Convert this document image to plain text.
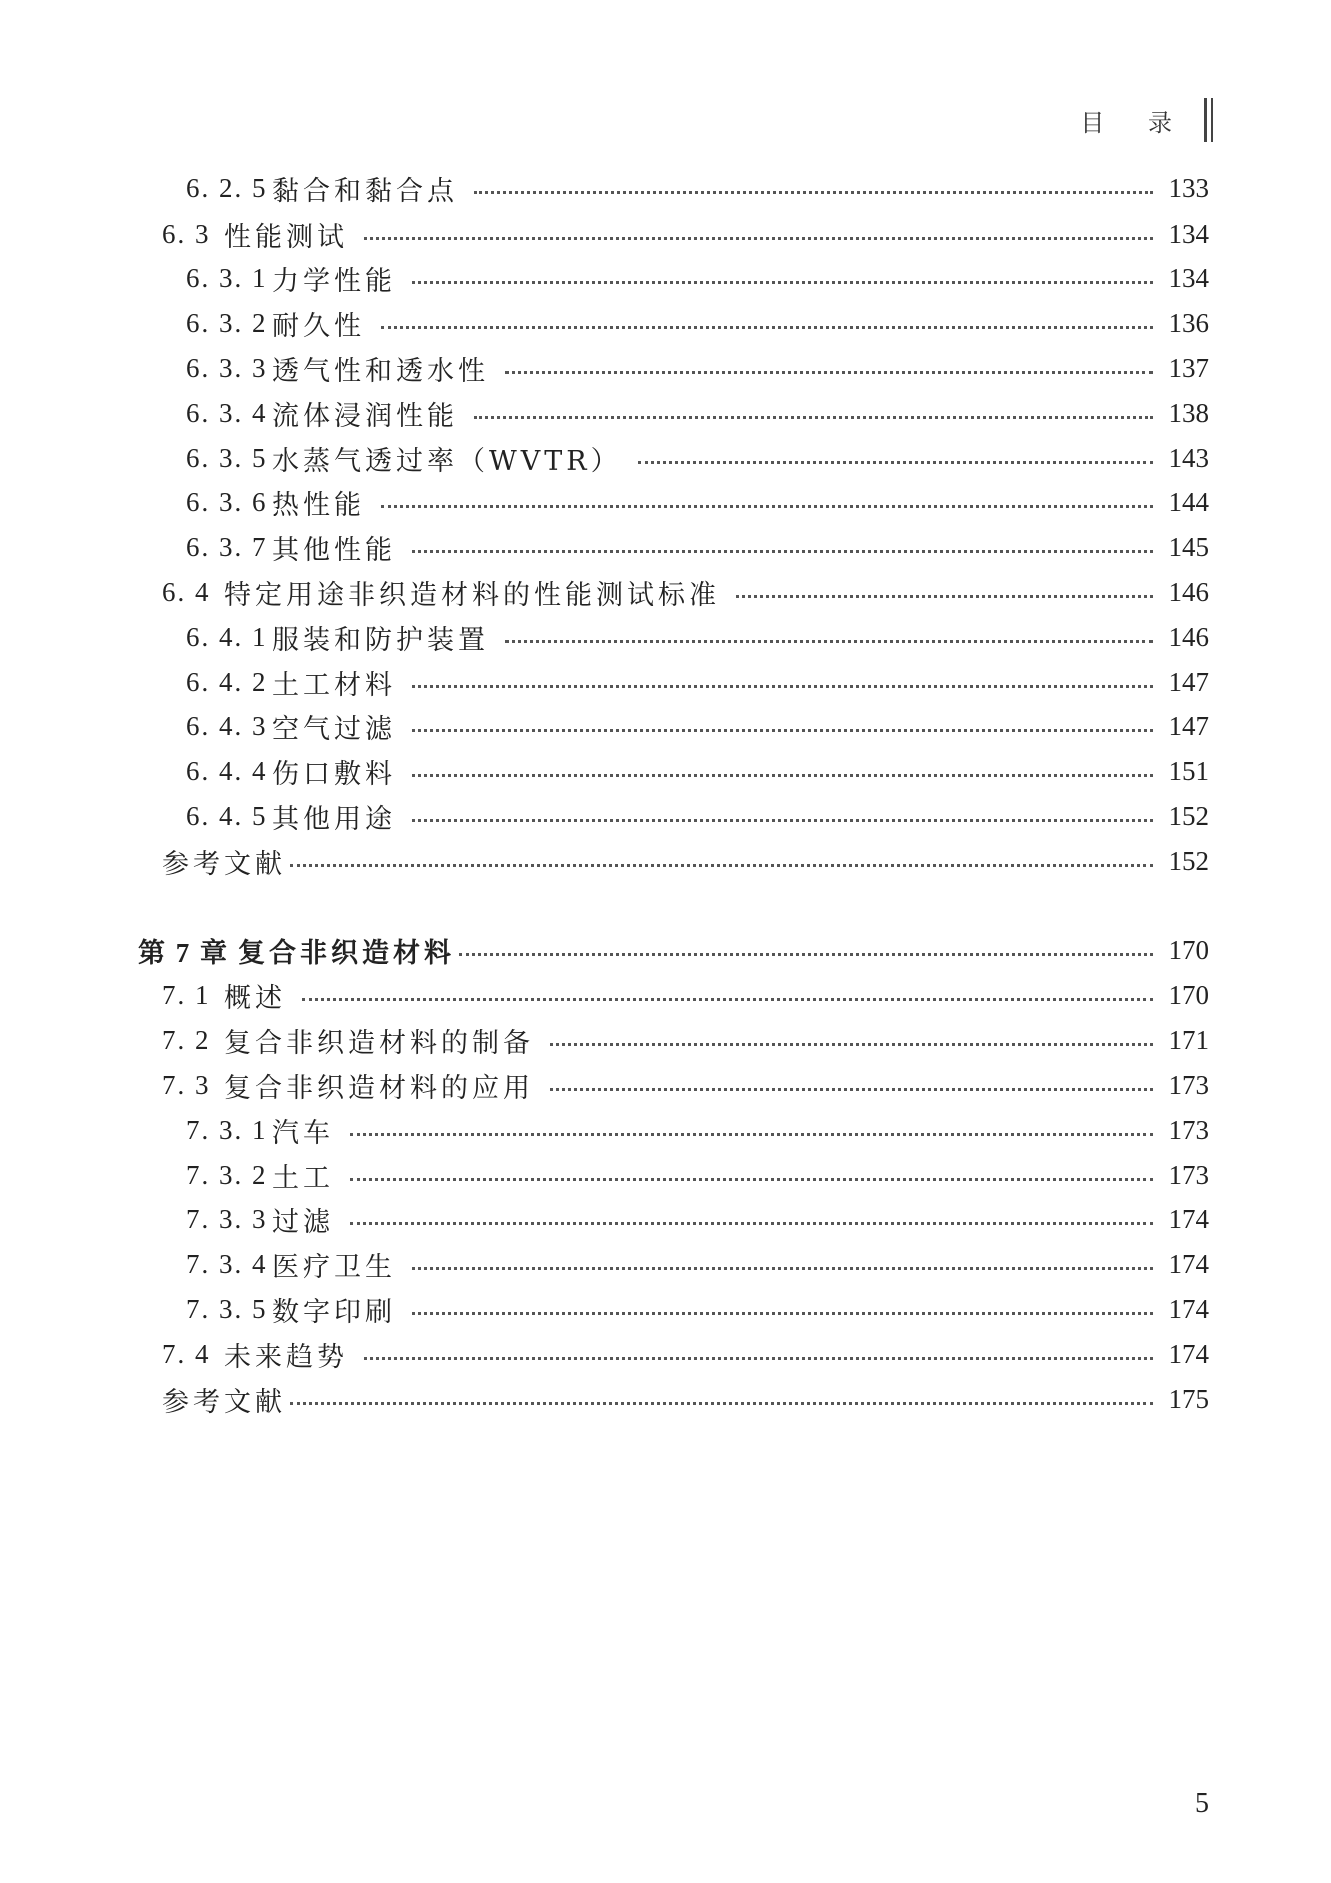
目 录
6. 2. 5 黏合和黏合点	133
6. 3 性能测试	134
6. 3. 1 力学性能	134
6. 3. 2 耐久性	136
6. 3. 3 透气性和透水性	137
6. 3. 4 流体浸润性能	138
6. 3. 5 水蒸气透过率（WVTR）	143
6. 3. 6 热性能	144
6. 3. 7 其他性能	145
6. 4 特定用途非织造材料的性能测试标准	146
6. 4. 1 服装和防护装置	146
6. 4. 2 土工材料	147
6. 4. 3 空气过滤	147
6. 4. 4 伤口敷料	151
6. 4. 5 其他用途	152
参考文献	152
第 7 章 复合非织造材料	170
7. 1 概述	170
7. 2 复合非织造材料的制备	171
7. 3 复合非织造材料的应用	173
7. 3. 1 汽车	173
7. 3. 2 土工	173
7. 3. 3 过滤	174
7. 3. 4 医疗卫生	174
7. 3. 5 数字印刷	174
7. 4 未来趋势	174
参考文献	175
5
